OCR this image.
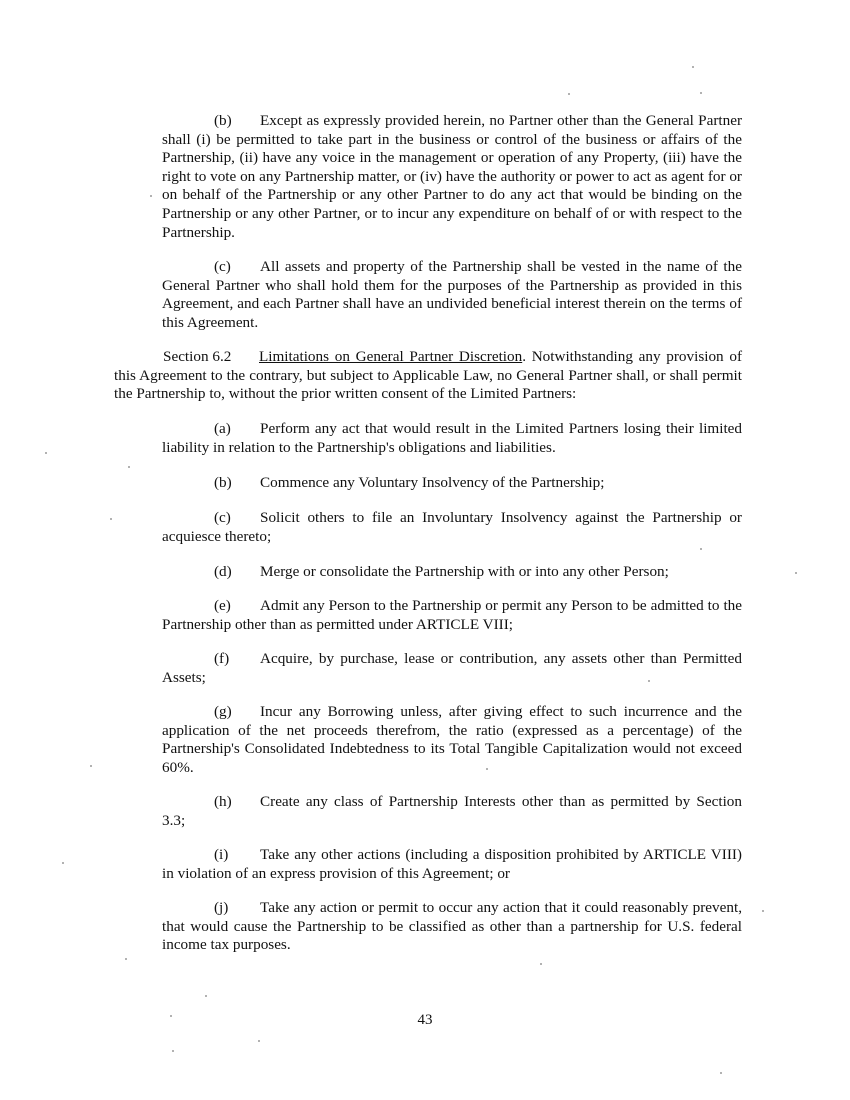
(b) Except as expressly provided herein, no Partner other than the General Partner shall (i) be permitted to take part in the business or control of the business or affairs of the Partnership, (ii) have any voice in the management or operation of any Property, (iii) have the right to vote on any Partnership matter, or (iv) have the authority or power to act as agent for or on behalf of the Partnership or any other Partner to do any act that would be binding on the Partnership or any other Partner, or to incur any expenditure on behalf of or with respect to the Partnership.
(c) All assets and property of the Partnership shall be vested in the name of the General Partner who shall hold them for the purposes of the Partnership as provided in this Agreement, and each Partner shall have an undivided beneficial interest therein on the terms of this Agreement.
Section 6.2 Limitations on General Partner Discretion. Notwithstanding any provision of this Agreement to the contrary, but subject to Applicable Law, no General Partner shall, or shall permit the Partnership to, without the prior written consent of the Limited Partners:
(a) Perform any act that would result in the Limited Partners losing their limited liability in relation to the Partnership's obligations and liabilities.
(b) Commence any Voluntary Insolvency of the Partnership;
(c) Solicit others to file an Involuntary Insolvency against the Partnership or acquiesce thereto;
(d) Merge or consolidate the Partnership with or into any other Person;
(e) Admit any Person to the Partnership or permit any Person to be admitted to the Partnership other than as permitted under ARTICLE VIII;
(f) Acquire, by purchase, lease or contribution, any assets other than Permitted Assets;
(g) Incur any Borrowing unless, after giving effect to such incurrence and the application of the net proceeds therefrom, the ratio (expressed as a percentage) of the Partnership's Consolidated Indebtedness to its Total Tangible Capitalization would not exceed 60%.
(h) Create any class of Partnership Interests other than as permitted by Section 3.3;
(i) Take any other actions (including a disposition prohibited by ARTICLE VIII) in violation of an express provision of this Agreement; or
(j) Take any action or permit to occur any action that it could reasonably prevent, that would cause the Partnership to be classified as other than a partnership for U.S. federal income tax purposes.
43
